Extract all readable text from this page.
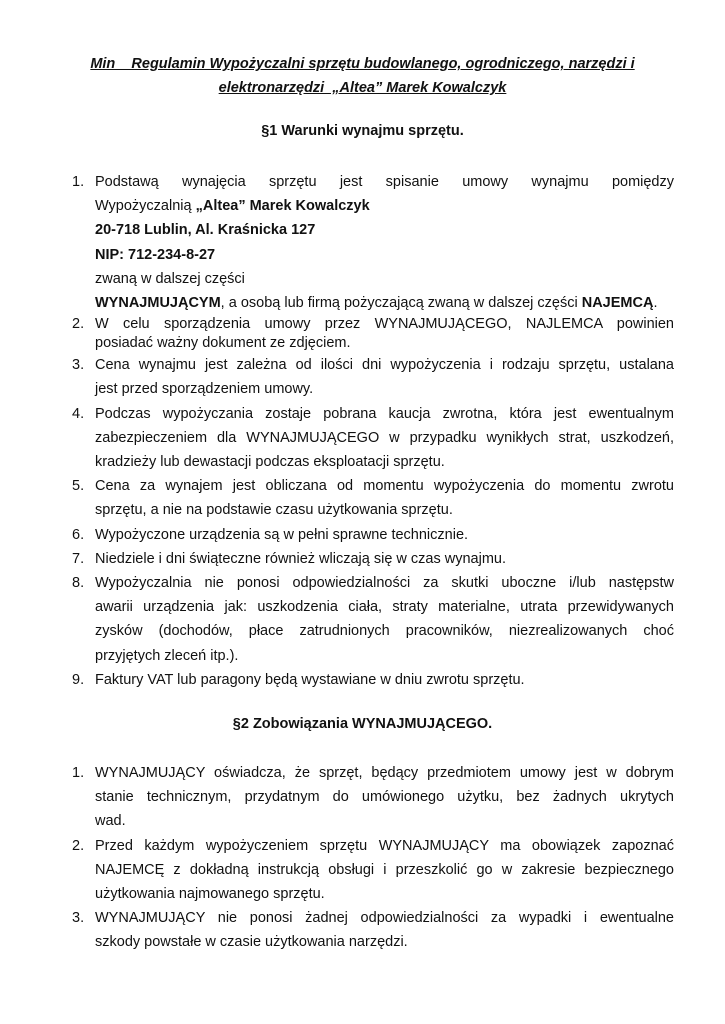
Min    Regulamin Wypożyczalni sprzętu budowlanego, ogrodniczego, narzędzi i
elektronarzędzi  „Altea” Marek Kowalczyk
§1 Warunki wynajmu sprzętu.
1. Podstawą wynajęcia sprzętu jest spisanie umowy wynajmu pomiędzy
Wypożyczalnią „Altea” Marek Kowalczyk
20-718 Lublin, Al. Kraśnicka 127
NIP: 712-234-8-27
zwaną w dalszej części
WYNAJMUJĄCYM, a osobą lub firmą pożyczającą zwaną w dalszej części NAJEMCĄ.
2. W celu sporządzenia umowy przez WYNAJMUJĄCEGO, NAJLEMCA powinien
posiadać ważny dokument ze zdjęciem.
3. Cena wynajmu jest zależna od ilości dni wypożyczenia i rodzaju sprzętu, ustalana
jest przed sporządzeniem umowy.
4. Podczas wypożyczania zostaje pobrana kaucja zwrotna, która jest ewentualnym
zabezpieczeniem dla WYNAJMUJĄCEGO w przypadku wynikłych strat, uszkodzeń,
kradzieży lub dewastacji podczas eksploatacji sprzętu.
5. Cena za wynajem jest obliczana od momentu wypożyczenia do momentu zwrotu
sprzętu, a nie na podstawie czasu użytkowania sprzętu.
6. Wypożyczone urządzenia są w pełni sprawne technicznie.
7. Niedziele i dni świąteczne również wliczają się w czas wynajmu.
8. Wypożyczalnia nie ponosi odpowiedzialności za skutki uboczne i/lub następstw
awarii urządzenia jak: uszkodzenia ciała, straty materialne, utrata przewidywanych
zysków (dochodów, płace zatrudnionych pracowników, niezrealizowanych choć
przyjętych zleceń itp.).
9. Faktury VAT lub paragony będą wystawiane w dniu zwrotu sprzętu.
§2 Zobowiązania WYNAJMUJĄCEGO.
1. WYNAJMUJĄCY oświadcza, że sprzęt, będący przedmiotem umowy jest w dobrym
stanie technicznym, przydatnym do umówionego użytku, bez żadnych ukrytych
wad.
2. Przed każdym wypożyczeniem sprzętu WYNAJMUJĄCY ma obowiązek zapoznać
NAJEMCĘ z dokładną instrukcją obsługi i przeszkolić go w zakresie bezpiecznego
użytkowania najmowanego sprzętu.
3. WYNAJMUJĄCY nie ponosi żadnej odpowiedzialności za wypadki i ewentualne
szkody powstałe w czasie użytkowania narzędzi.
